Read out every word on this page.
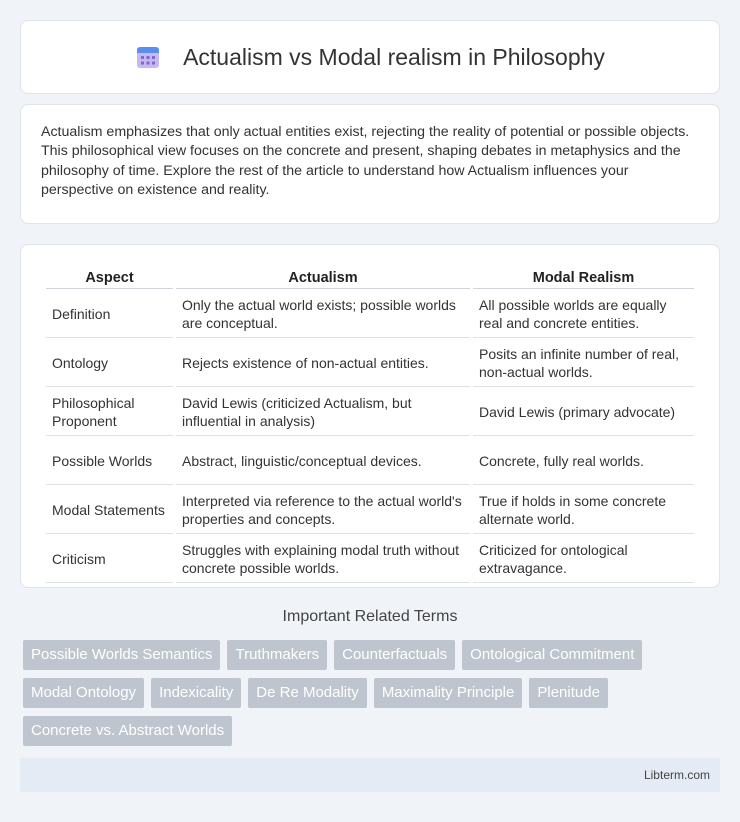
Actualism vs Modal realism in Philosophy

Actualism emphasizes that only actual entities exist, rejecting the reality of potential or possible objects. This philosophical view focuses on the concrete and present, shaping debates in metaphysics and the philosophy of time. Explore the rest of the article to understand how Actualism influences your perspective on existence and reality.

Aspect	Actualism	Modal Realism
Definition	Only the actual world exists; possible worlds are conceptual.	All possible worlds are equally real and concrete entities.
Ontology	Rejects existence of non-actual entities.	Posits an infinite number of real, non-actual worlds.
Philosophical Proponent	David Lewis (criticized Actualism, but influential in analysis)	David Lewis (primary advocate)
Possible Worlds	Abstract, linguistic/conceptual devices.	Concrete, fully real worlds.
Modal Statements	Interpreted via reference to the actual world's properties and concepts.	True if holds in some concrete alternate world.
Criticism	Struggles with explaining modal truth without concrete possible worlds.	Criticized for ontological extravagance.
Important Related Terms
Possible Worlds Semantics	Truthmakers	Counterfactuals	Ontological Commitment
Modal Ontology	Indexicality	De Re Modality	Maximality Principle	Plenitude
Concrete vs. Abstract Worlds
Libterm.com
